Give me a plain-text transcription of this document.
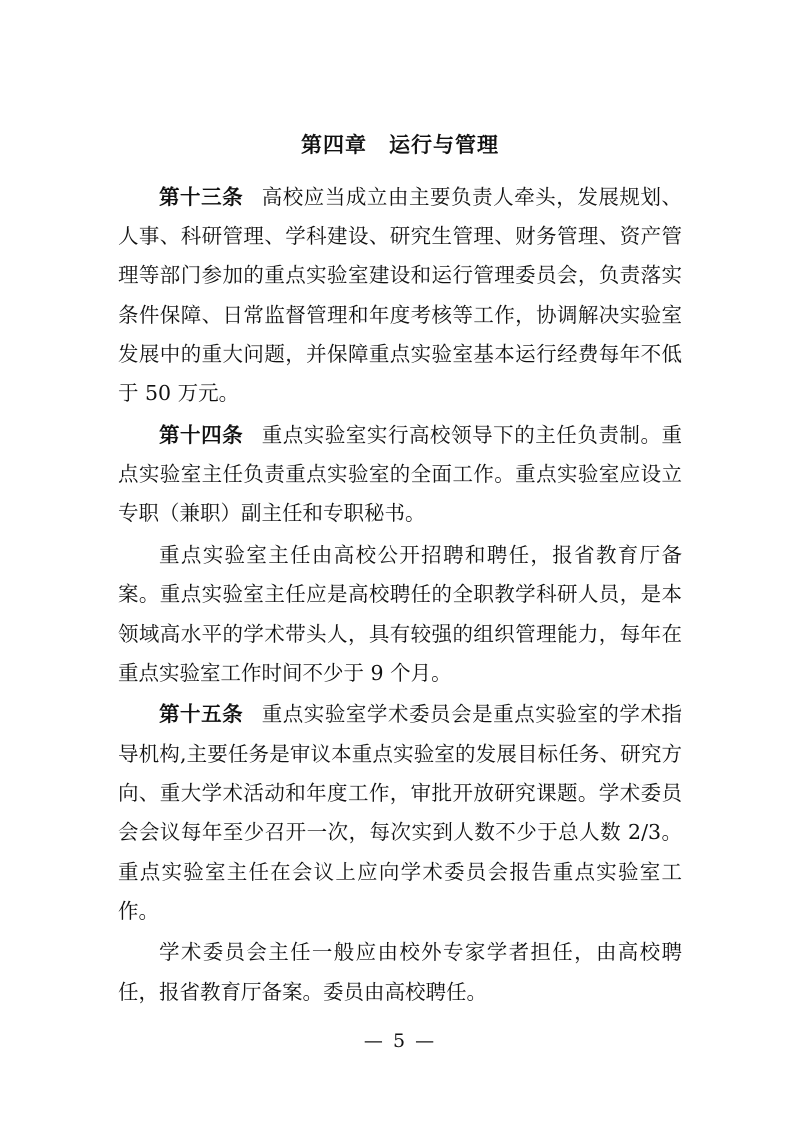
第四章 运行与管理

第十三条 高校应当成立由主要负责人牵头，发展规划、人事、科研管理、学科建设、研究生管理、财务管理、资产管理等部门参加的重点实验室建设和运行管理委员会，负责落实条件保障、日常监督管理和年度考核等工作，协调解决实验室发展中的重大问题，并保障重点实验室基本运行经费每年不低于 50 万元。

第十四条 重点实验室实行高校领导下的主任负责制。重点实验室主任负责重点实验室的全面工作。重点实验室应设立专职（兼职）副主任和专职秘书。

重点实验室主任由高校公开招聘和聘任，报省教育厅备案。重点实验室主任应是高校聘任的全职教学科研人员，是本领域高水平的学术带头人，具有较强的组织管理能力，每年在重点实验室工作时间不少于 9 个月。

第十五条 重点实验室学术委员会是重点实验室的学术指导机构,主要任务是审议本重点实验室的发展目标任务、研究方向、重大学术活动和年度工作，审批开放研究课题。学术委员会会议每年至少召开一次，每次实到人数不少于总人数 2/3。重点实验室主任在会议上应向学术委员会报告重点实验室工作。

学术委员会主任一般应由校外专家学者担任，由高校聘任，报省教育厅备案。委员由高校聘任。

— 5 —
